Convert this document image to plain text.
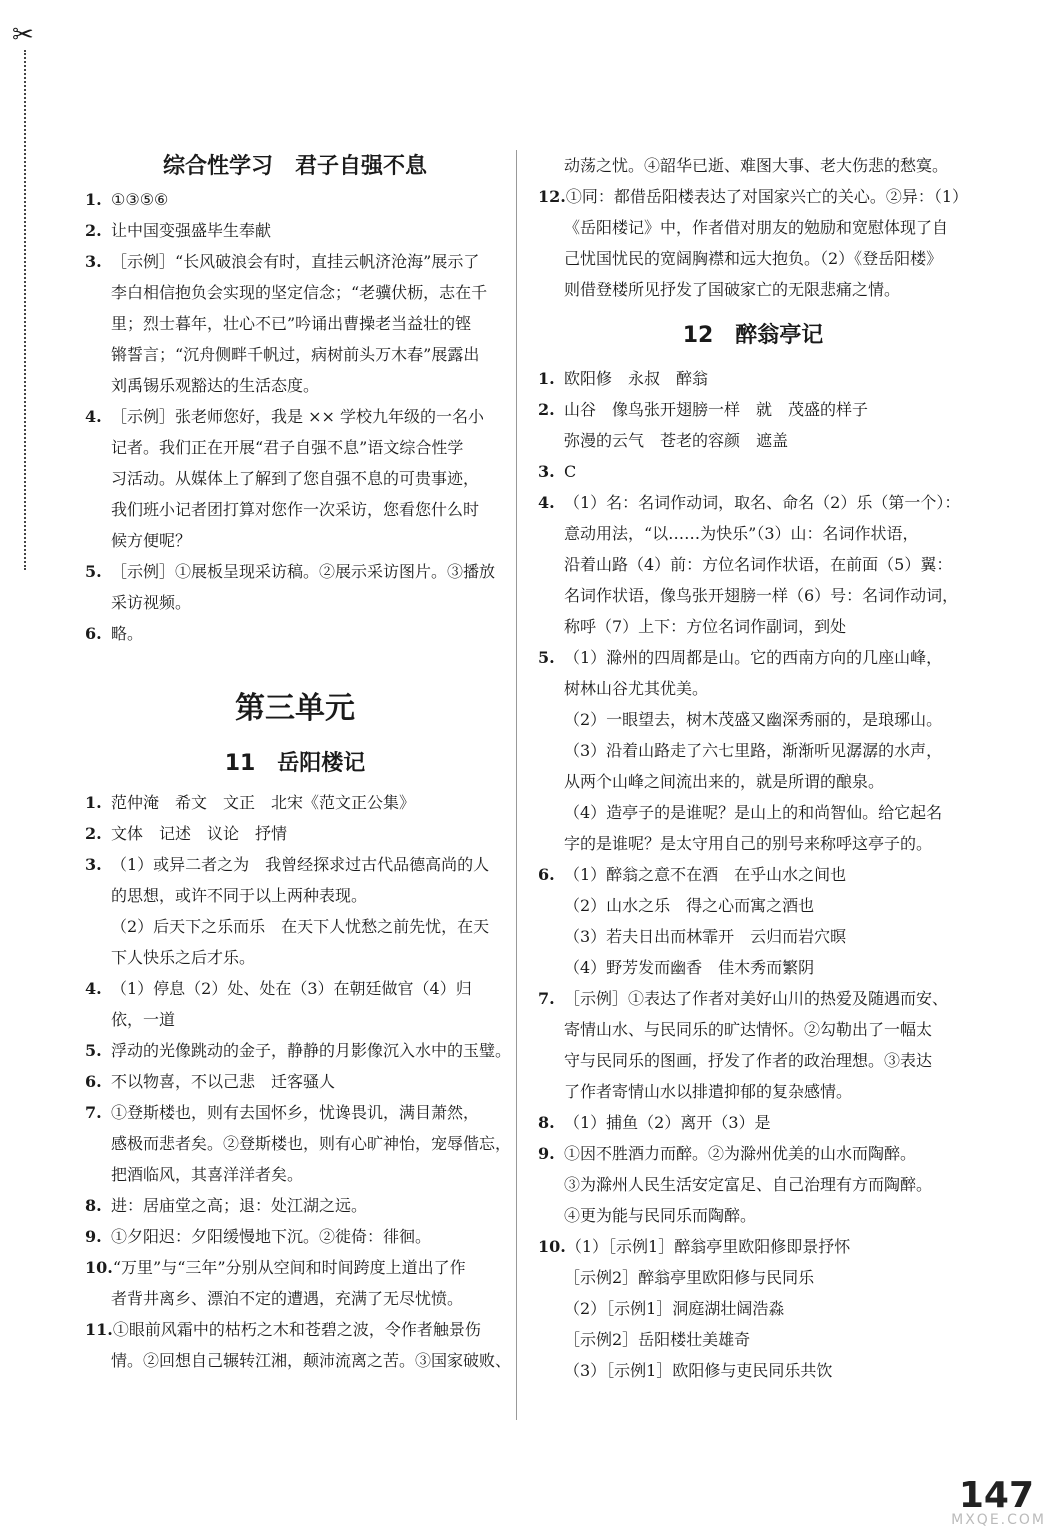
✂
综合性学习　君子自强不息
1. ①③⑤⑥
2. 让中国变强盛毕生奉献
3. ［示例］“长风破浪会有时，直挂云帆济沧海”展示了
李白相信抱负会实现的坚定信念；“老骥伏枥，志在千
里；烈士暮年，壮心不已”吟诵出曹操老当益壮的铿
锵誓言；“沉舟侧畔千帆过，病树前头万木春”展露出
刘禹锡乐观豁达的生活态度。
4. ［示例］张老师您好，我是 ×× 学校九年级的一名小
记者。我们正在开展“君子自强不息”语文综合性学
习活动。从媒体上了解到了您自强不息的可贵事迹，
我们班小记者团打算对您作一次采访，您看您什么时
候方便呢？
5. ［示例］①展板呈现采访稿。②展示采访图片。③播放
采访视频。
6. 略。
第三单元
11　岳阳楼记
1. 范仲淹　希文　文正　北宋《范文正公集》
2. 文体　记述　议论　抒情
3. （1）或异二者之为　我曾经探求过古代品德高尚的人
的思想，或许不同于以上两种表现。
（2）后天下之乐而乐　在天下人忧愁之前先忧，在天
下人快乐之后才乐。
4. （1）停息（2）处、处在（3）在朝廷做官（4）归
依，一道
5. 浮动的光像跳动的金子，静静的月影像沉入水中的玉璧。
6. 不以物喜，不以己悲　迁客骚人
7. ①登斯楼也，则有去国怀乡，忧谗畏讥，满目萧然，
感极而悲者矣。②登斯楼也，则有心旷神怡，宠辱偕忘，
把酒临风，其喜洋洋者矣。
8. 进：居庙堂之高；退：处江湖之远。
9. ①夕阳迟：夕阳缓慢地下沉。②徙倚：徘徊。
10.“万里”与“三年”分别从空间和时间跨度上道出了作
者背井离乡、漂泊不定的遭遇，充满了无尽忧愤。
11.①眼前风霜中的枯朽之木和苍碧之波，令作者触景伤
情。②回想自己辗转江湘，颠沛流离之苦。③国家破败、
动荡之忧。④韶华已逝、难图大事、老大伤悲的愁寞。
12.①同：都借岳阳楼表达了对国家兴亡的关心。②异：（1）
《岳阳楼记》中，作者借对朋友的勉励和宽慰体现了自
己忧国忧民的宽阔胸襟和远大抱负。（2）《登岳阳楼》
则借登楼所见抒发了国破家亡的无限悲痛之情。
12　醉翁亭记
1. 欧阳修　永叔　醉翁
2. 山谷　像鸟张开翅膀一样　就　茂盛的样子
弥漫的云气　苍老的容颜　遮盖
3. C
4. （1）名：名词作动词，取名、命名（2）乐（第一个）：
意动用法，“以……为快乐”（3）山：名词作状语，
沿着山路（4）前：方位名词作状语，在前面（5）翼：
名词作状语，像鸟张开翅膀一样（6）号：名词作动词，
称呼（7）上下：方位名词作副词，到处
5. （1）滁州的四周都是山。它的西南方向的几座山峰，
树林山谷尤其优美。
（2）一眼望去，树木茂盛又幽深秀丽的，是琅琊山。
（3）沿着山路走了六七里路，渐渐听见潺潺的水声，
从两个山峰之间流出来的，就是所谓的酿泉。
（4）造亭子的是谁呢？是山上的和尚智仙。给它起名
字的是谁呢？是太守用自己的别号来称呼这亭子的。
6. （1）醉翁之意不在酒　在乎山水之间也
（2）山水之乐　得之心而寓之酒也
（3）若夫日出而林霏开　云归而岩穴暝
（4）野芳发而幽香　佳木秀而繁阴
7. ［示例］①表达了作者对美好山川的热爱及随遇而安、
寄情山水、与民同乐的旷达情怀。②勾勒出了一幅太
守与民同乐的图画，抒发了作者的政治理想。③表达
了作者寄情山水以排遣抑郁的复杂感情。
8. （1）捕鱼（2）离开（3）是
9. ①因不胜酒力而醉。②为滁州优美的山水而陶醉。
③为滁州人民生活安定富足、自己治理有方而陶醉。
④更为能与民同乐而陶醉。
10.（1）［示例1］醉翁亭里欧阳修即景抒怀
［示例2］醉翁亭里欧阳修与民同乐
（2）［示例1］洞庭湖壮阔浩淼
［示例2］岳阳楼壮美雄奇
（3）［示例1］欧阳修与吏民同乐共饮
147
MXQE.COM
